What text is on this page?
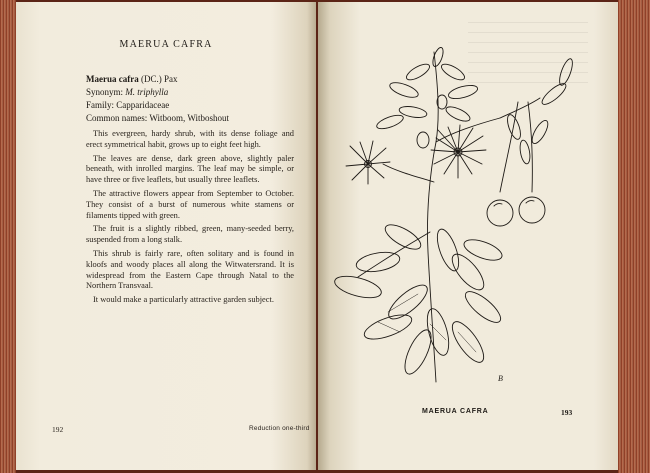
MAERUA CAFRA
Maerua cafra (DC.) Pax
Synonym: M. triphylla
Family: Capparidaceae
Common names: Witboom, Witboshout

This evergreen, hardy shrub, with its dense foliage and erect symmetrical habit, grows up to eight feet high.

The leaves are dense, dark green above, slightly paler beneath, with inrolled margins. The leaf may be simple, or have three or five leaflets, but usually three leaflets.

The attractive flowers appear from September to October. They consist of a burst of numerous white stamens or filaments tipped with green.

The fruit is a slightly ribbed, green, many-seeded berry, suspended from a long stalk.

This shrub is fairly rare, often solitary and is found in kloofs and woody places all along the Witwatersrand. It is widespread from the Eastern Cape through Natal to the Northern Transvaal.

It would make a particularly attractive garden subject.

192	Reduction one-third
MAERUA CAFRA	193
B
